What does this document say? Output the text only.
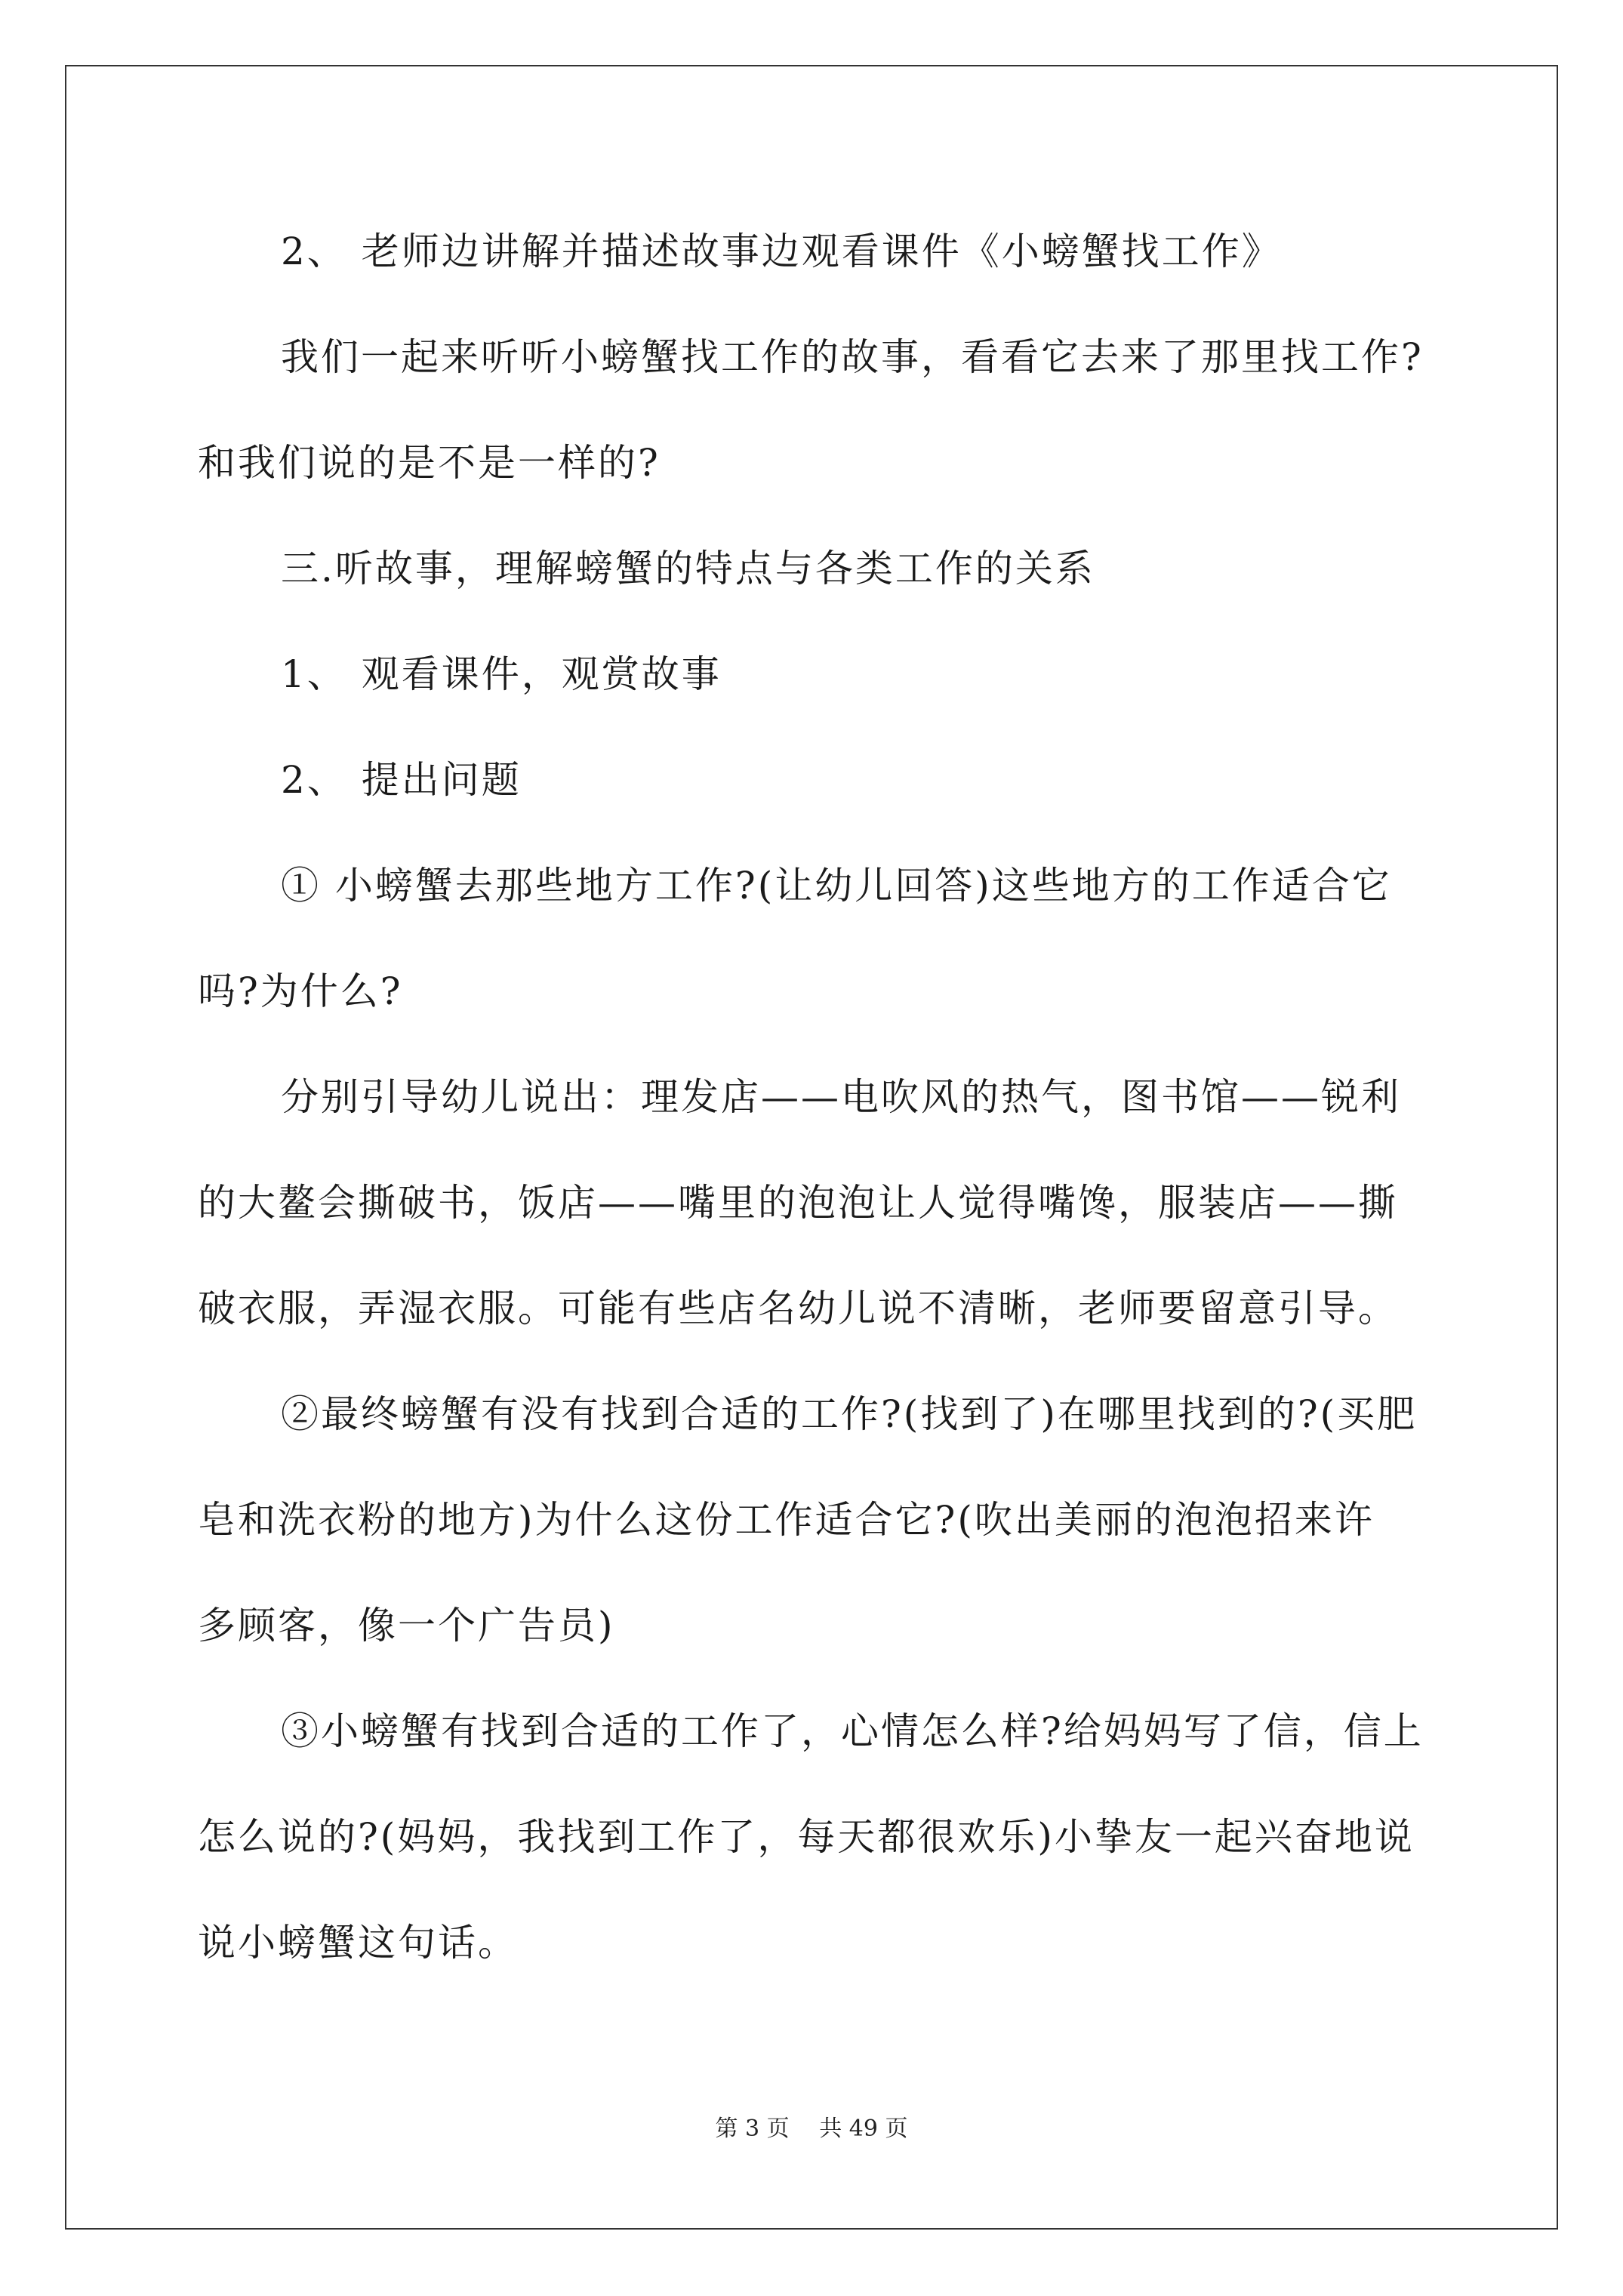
2、 老师边讲解并描述故事边观看课件《小螃蟹找工作》
我们一起来听听小螃蟹找工作的故事，看看它去来了那里找工作?
和我们说的是不是一样的?
三.听故事，理解螃蟹的特点与各类工作的关系
1、 观看课件，观赏故事
2、 提出问题
① 小螃蟹去那些地方工作?(让幼儿回答)这些地方的工作适合它
吗?为什么?
分别引导幼儿说出：理发店——电吹风的热气，图书馆——锐利
的大鳌会撕破书，饭店——嘴里的泡泡让人觉得嘴馋，服装店——撕
破衣服，弄湿衣服。可能有些店名幼儿说不清晰，老师要留意引导。
②最终螃蟹有没有找到合适的工作?(找到了)在哪里找到的?(买肥
皂和洗衣粉的地方)为什么这份工作适合它?(吹出美丽的泡泡招来许
多顾客，像一个广告员)
③小螃蟹有找到合适的工作了，心情怎么样?给妈妈写了信，信上
怎么说的?(妈妈，我找到工作了，每天都很欢乐)小挚友一起兴奋地说
说小螃蟹这句话。
第 3 页　 共 49 页
